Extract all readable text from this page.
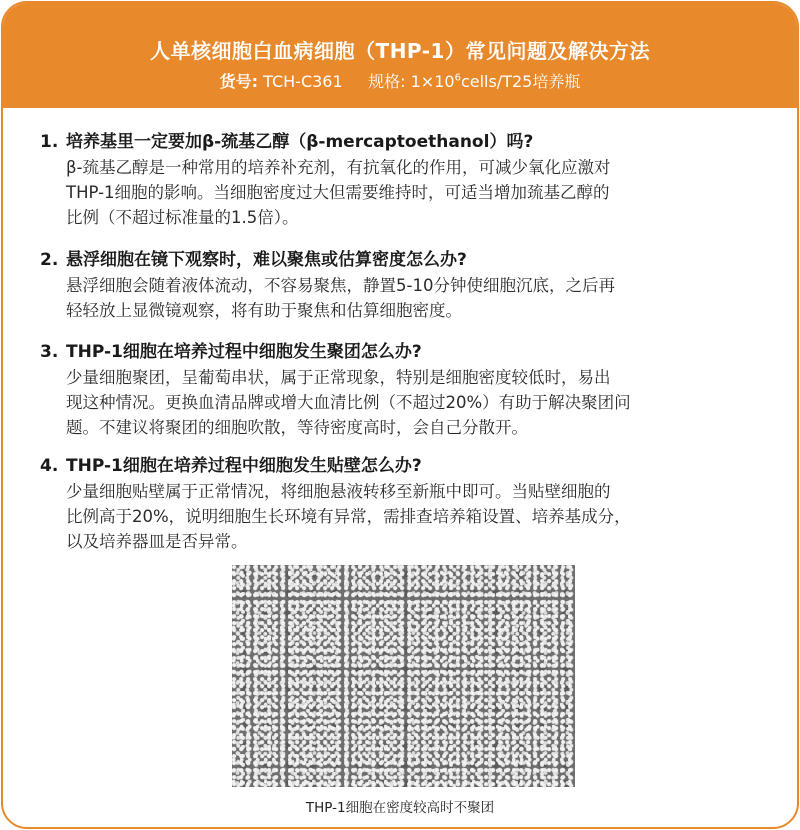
人单核细胞白血病细胞（THP-1）常见问题及解决方法
货号: TCH-C361 规格: $1\times 10^6cells/T25$培养瓶
1. 培养基里一定要加β-巯基乙醇（β-mercaptoethanol）吗?
β-巯基乙醇是一种常用的培养补充剂，有抗氧化的作用，可减少氧化应激对
THP-1细胞的影响。当细胞密度过大但需要维持时，可适当增加巯基乙醇的
比例（不超过标准量的1.5倍）。
2. 悬浮细胞在镜下观察时，难以聚焦或估算密度怎么办?
悬浮细胞会随着液体流动，不容易聚焦，静置5-10分钟使细胞沉底，之后再
轻轻放上显微镜观察，将有助于聚焦和估算细胞密度。
3. THP-1细胞在培养过程中细胞发生聚团怎么办?
少量细胞聚团，呈葡萄串状，属于正常现象，特别是细胞密度较低时，易出
现这种情况。更换血清品牌或增大血清比例（不超过20%）有助于解决聚团问
题。不建议将聚团的细胞吹散，等待密度高时，会自己分散开。
4. THP-1细胞在培养过程中细胞发生贴壁怎么办?
少量细胞贴壁属于正常情况，将细胞悬液转移至新瓶中即可。当贴壁细胞的
比例高于20%，说明细胞生长环境有异常，需排查培养箱设置、培养基成分，
以及培养器皿是否异常。
THP-1细胞在密度较高时不聚团
